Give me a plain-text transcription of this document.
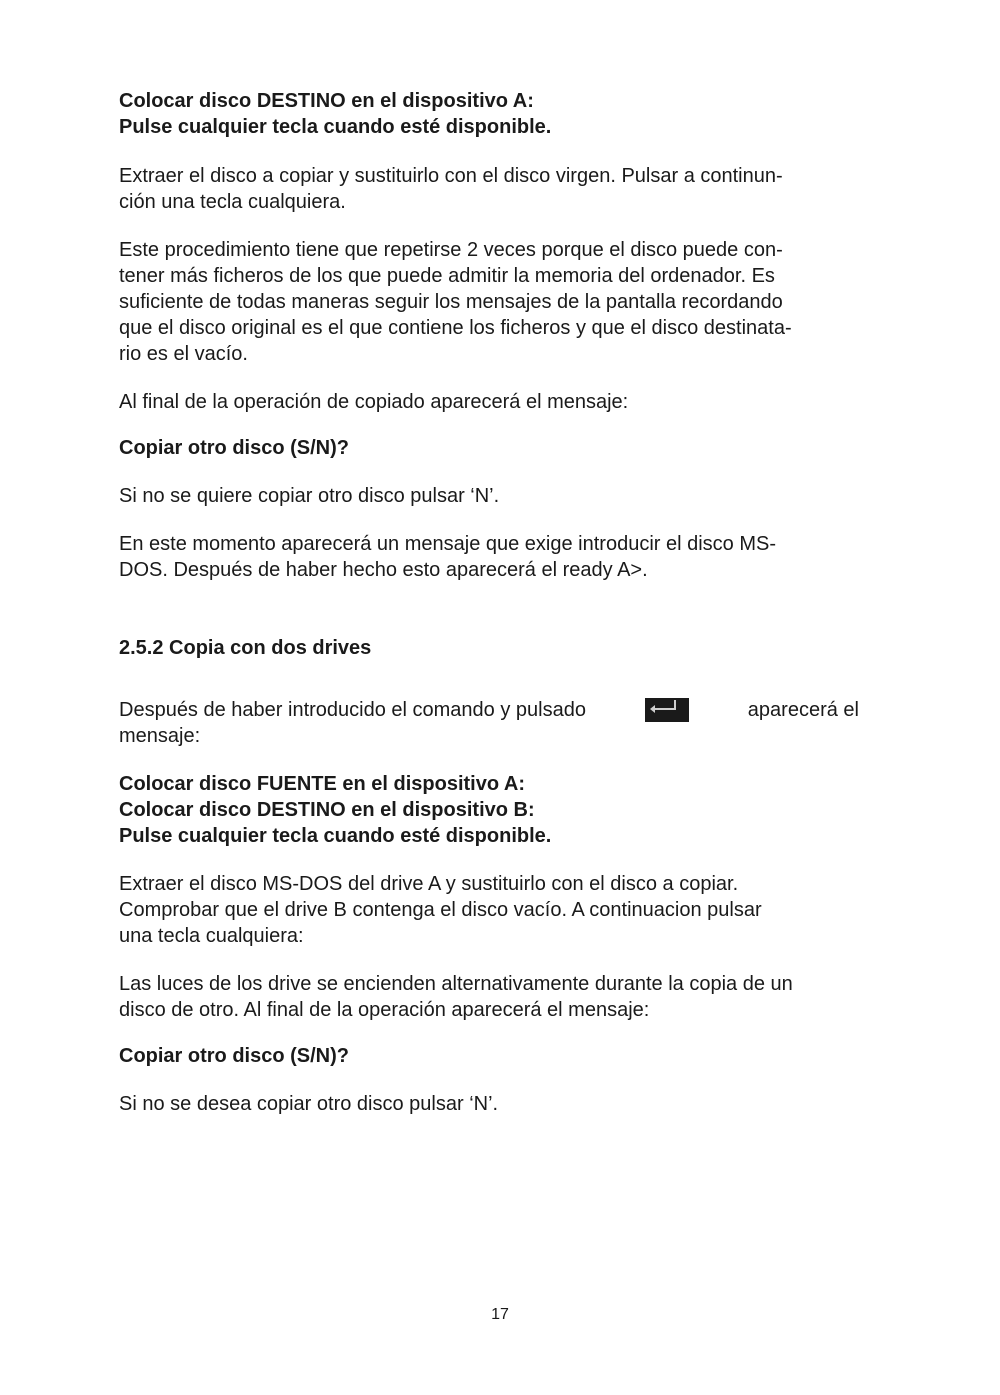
Colocar disco DESTINO en el dispositivo A:
Pulse cualquier tecla cuando esté disponible.
Extraer el disco a copiar y sustituirlo con el disco virgen. Pulsar a continun-
ción una tecla cualquiera.
Este procedimiento tiene que repetirse 2 veces porque el disco puede con-
tener más ficheros de los que puede admitir la memoria del ordenador. Es
suficiente de todas maneras seguir los mensajes de la pantalla recordando
que el disco original es el que contiene los ficheros y que el disco destinata-
rio es el vacío.
Al final de la operación de copiado aparecerá el mensaje:
Copiar otro disco (S/N)?
Si no se quiere copiar otro disco pulsar ‘N’.
En este momento aparecerá un mensaje que exige introducir el disco MS-
DOS. Después de haber hecho esto aparecerá el ready A>.
2.5.2 Copia con dos drives
Después de haber introducido el comando y pulsado	aparecerá el
mensaje:
Colocar disco FUENTE en el dispositivo A:
Colocar disco DESTINO en el dispositivo B:
Pulse cualquier tecla cuando esté disponible.
Extraer el disco MS-DOS del drive A y sustituirlo con el disco a copiar.
Comprobar que el drive B contenga el disco vacío. A continuacion pulsar
una tecla cualquiera:
Las luces de los drive se encienden alternativamente durante la copia de un
disco de otro. Al final de la operación aparecerá el mensaje:
Copiar otro disco (S/N)?
Si no se desea copiar otro disco pulsar ‘N’.
17
